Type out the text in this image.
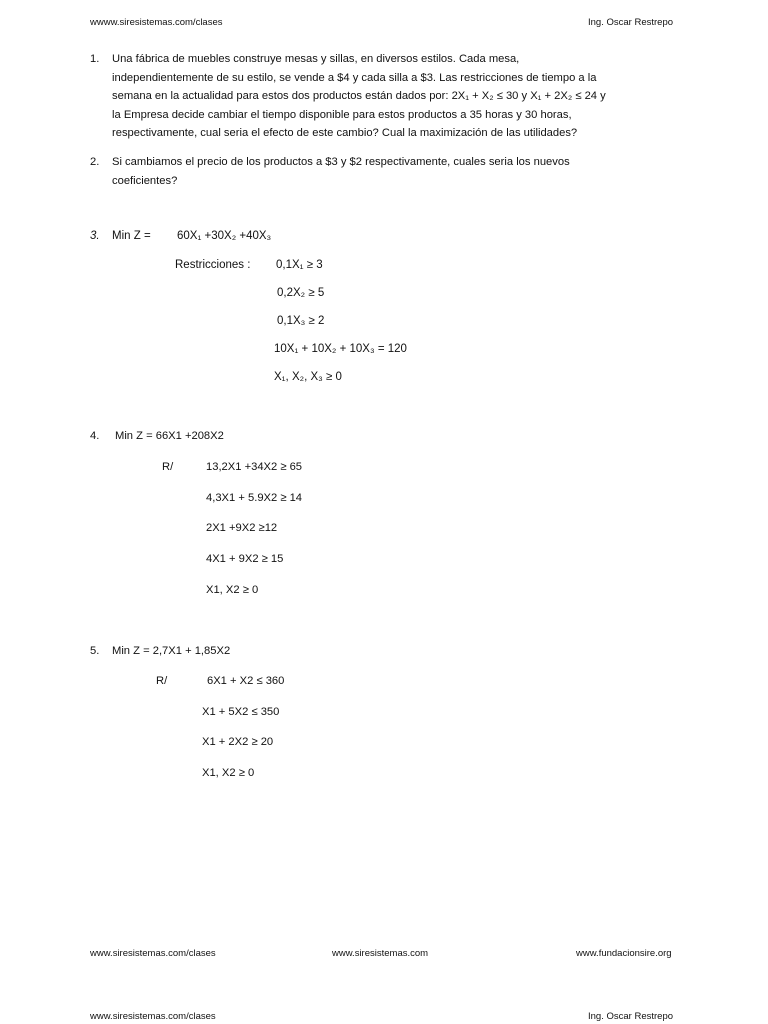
wwww.siresistemas.com/clases	Ing. Oscar Restrepo
1. Una fábrica de muebles construye mesas y sillas, en diversos estilos. Cada mesa,
independientemente de su estilo, se vende a $4 y cada silla a $3. Las restricciones de tiempo a la
semana en la actualidad para estos dos productos están dados por: 2X₁ + X₂ ≤ 30 y X₁ + 2X₂ ≤ 24 y
la Empresa decide cambiar el tiempo disponible para estos productos a 35 horas y 30 horas,
respectivamente, cual seria el efecto de este cambio? Cual la maximización de las utilidades?
2. Si cambiamos el precio de los productos a $3 y $2 respectivamente, cuales seria los nuevos
coeficientes?
3. Min Z = 60X₁ +30X₂ +40X₃
Restricciones : 0,1X₁ ≥ 3
0,2X₂ ≥ 5
0,1X₃ ≥ 2
10X₁ + 10X₂ + 10X₃ = 120
X₁, X₂, X₃ ≥ 0
4. Min Z = 66X1 +208X2
R/	13,2X1 +34X2 ≥ 65
4,3X1 + 5.9X2 ≥ 14
2X1 +9X2 ≥12
4X1 + 9X2 ≥ 15
X1, X2 ≥ 0
5. Min Z = 2,7X1 + 1,85X2
R/	6X1 + X2 ≤ 360
X1 + 5X2 ≤ 350
X1 + 2X2 ≥ 20
X1, X2 ≥ 0
www.siresistemas.com/clases	www.siresistemas.com	www.fundacionsire.org
www.siresistemas.com/clases	Ing. Oscar Restrepo
